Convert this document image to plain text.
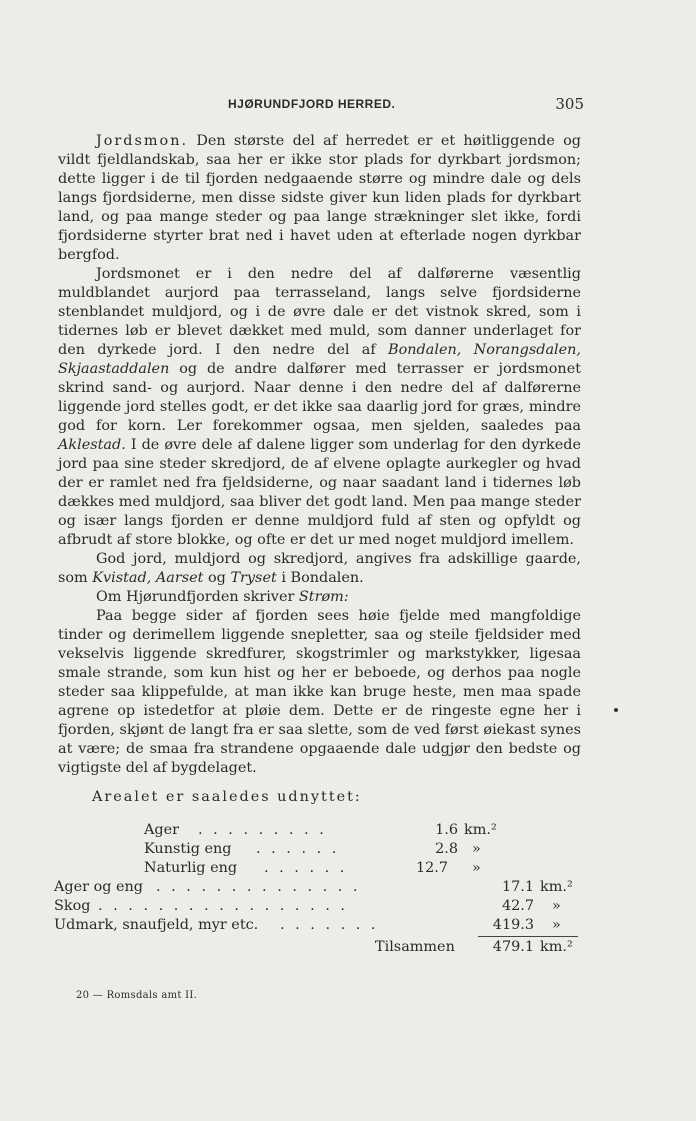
HJØRUNDFJORD HERRED.	305

Jordsmon. Den største del af herredet er et høitliggende og vildt fjeldlandskab, saa her er ikke stor plads for dyrkbart jordsmon; dette ligger i de til fjorden nedgaaende større og mindre dale og dels langs fjordsiderne, men disse sidste giver kun liden plads for dyrkbart land, og paa mange steder og paa lange strækninger slet ikke, fordi fjordsiderne styrter brat ned i havet uden at efterlade nogen dyrkbar bergfod.

Jordsmonet er i den nedre del af dalførerne væsentlig muldblandet aurjord paa terrasseland, langs selve fjordsiderne stenblandet muldjord, og i de øvre dale er det vistnok skred, som i tidernes løb er blevet dækket med muld, som danner underlaget for den dyrkede jord. I den nedre del af Bondalen, Norangsdalen, Skjaastaddalen og de andre dalfører med terrasser er jordsmonet skrind sand- og aurjord. Naar denne i den nedre del af dalførerne liggende jord stelles godt, er det ikke saa daarlig jord for græs, mindre god for korn. Ler forekommer ogsaa, men sjelden, saaledes paa Aklestad. I de øvre dele af dalene ligger som underlag for den dyrkede jord paa sine steder skredjord, de af elvene oplagte aurkegler og hvad der er ramlet ned fra fjeldsiderne, og naar saadant land i tidernes løb dækkes med muldjord, saa bliver det godt land. Men paa mange steder og især langs fjorden er denne muldjord fuld af sten og opfyldt og afbrudt af store blokke, og ofte er det ur med noget muldjord imellem.

God jord, muldjord og skredjord, angives fra adskillige gaarde, som Kvistad, Aarset og Tryset i Bondalen.

Om Hjørundfjorden skriver Strøm:

Paa begge sider af fjorden sees høie fjelde med mangfoldige tinder og derimellem liggende snepletter, saa og steile fjeldsider med vekselvis liggende skredfurer, skogstrimler og markstykker, ligesaa smale strande, som kun hist og her er beboede, og derhos paa nogle steder saa klippefulde, at man ikke kan bruge heste, men maa spade agrene op istedetfor at pløie dem. Dette er de ringeste egne her i fjorden, skjønt de langt fra er saa slette, som de ved først øiekast synes at være; de smaa fra strandene opgaaende dale udgjør den bedste og vigtigste del af bygdelaget.

Arealet er saaledes udnyttet:

Ager . . . . . . . . .	1.6 km.²
Kunstig eng . . . . . .	2.8 »
Naturlig eng . . . . . .	12.7 »
Ager og eng . . . . . . . . . . . . . .	17.1 km.²
Skog . . . . . . . . . . . . . . . . .	42.7 »
Udmark, snaufjeld, myr etc. . . . . . . .	419.3 »
Tilsammen	479.1 km.²
20 — Romsdals amt II.
